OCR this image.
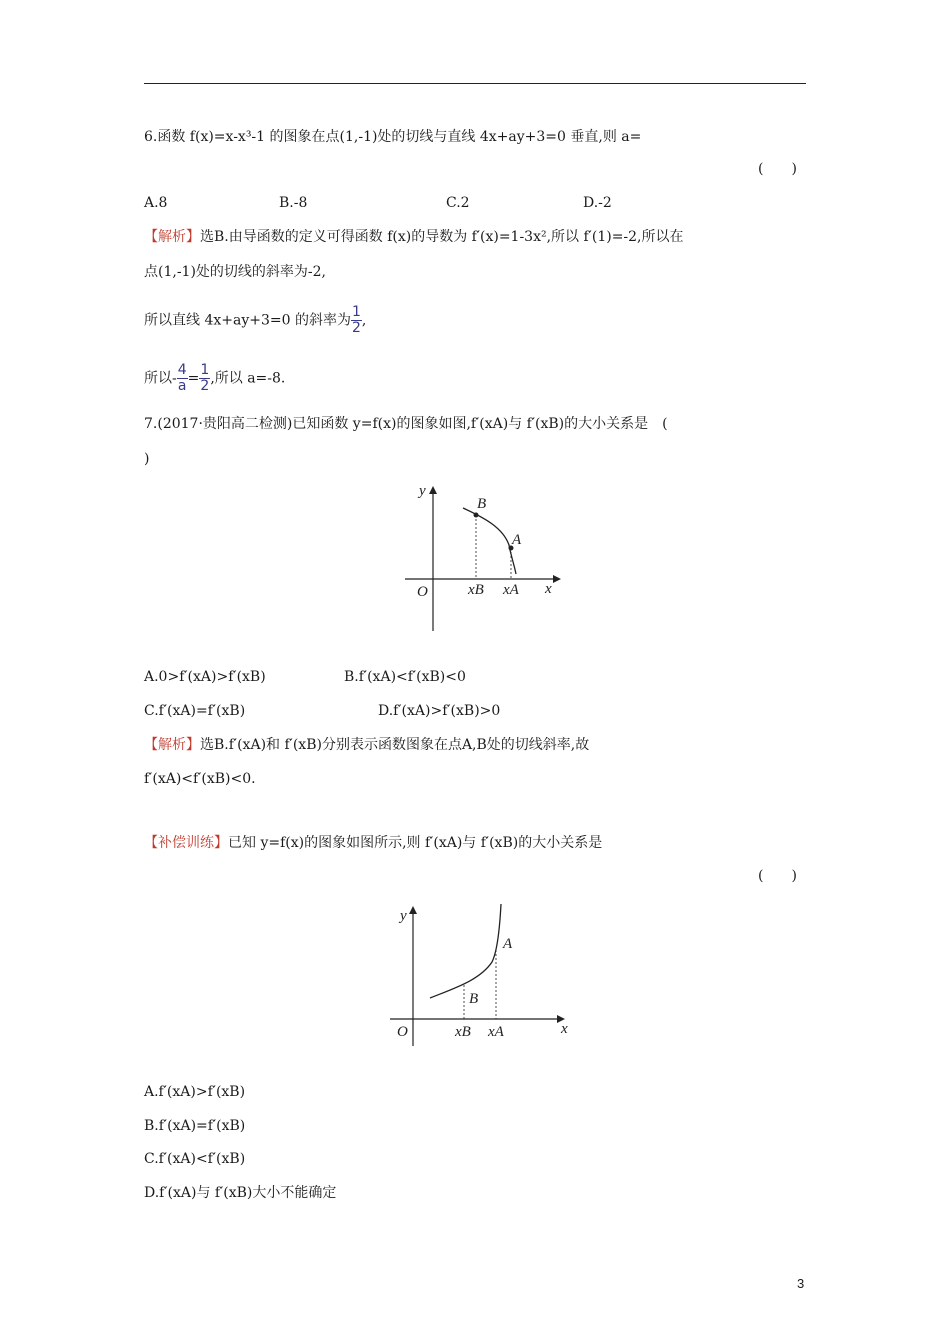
6.函数 f(x)=x-x³-1 的图象在点(1,-1)处的切线与直线 4x+ay+3=0 垂直,则 a=
(　　)
A.8	B.-8	C.2	D.-2
【解析】选B.由导函数的定义可得函数 f(x)的导数为 f′(x)=1-3x²,所以 f′(1)=-2,所以在
点(1,-1)处的切线的斜率为-2,
所以直线 4x+ay+3=0 的斜率为 $\frac{1}{2}$ ,
所以- $\frac{4}{a} = \frac{1}{2}$ ,所以 a=-8.
7.(2017·贵阳高二检测)已知函数 y=f(x)的图象如图,f′(xA)与 f′(xB)的大小关系是　(
)
y
x
O
B
A
xB xA
A.0>f′(xA)>f′(xB)	B.f′(xA)<f′(xB)<0
C.f′(xA)=f′(xB)	D.f′(xA)>f′(xB)>0
【解析】选B.f′(xA)和 f′(xB)分别表示函数图象在点A,B处的切线斜率,故
f′(xA)<f′(xB)<0.
【补偿训练】已知 y=f(x)的图象如图所示,则 f′(xA)与 f′(xB)的大小关系是
(　　)
y
x
O
B
A
xB xA
A.f′(xA)>f′(xB)
B.f′(xA)=f′(xB)
C.f′(xA)<f′(xB)
D.f′(xA)与 f′(xB)大小不能确定
3
